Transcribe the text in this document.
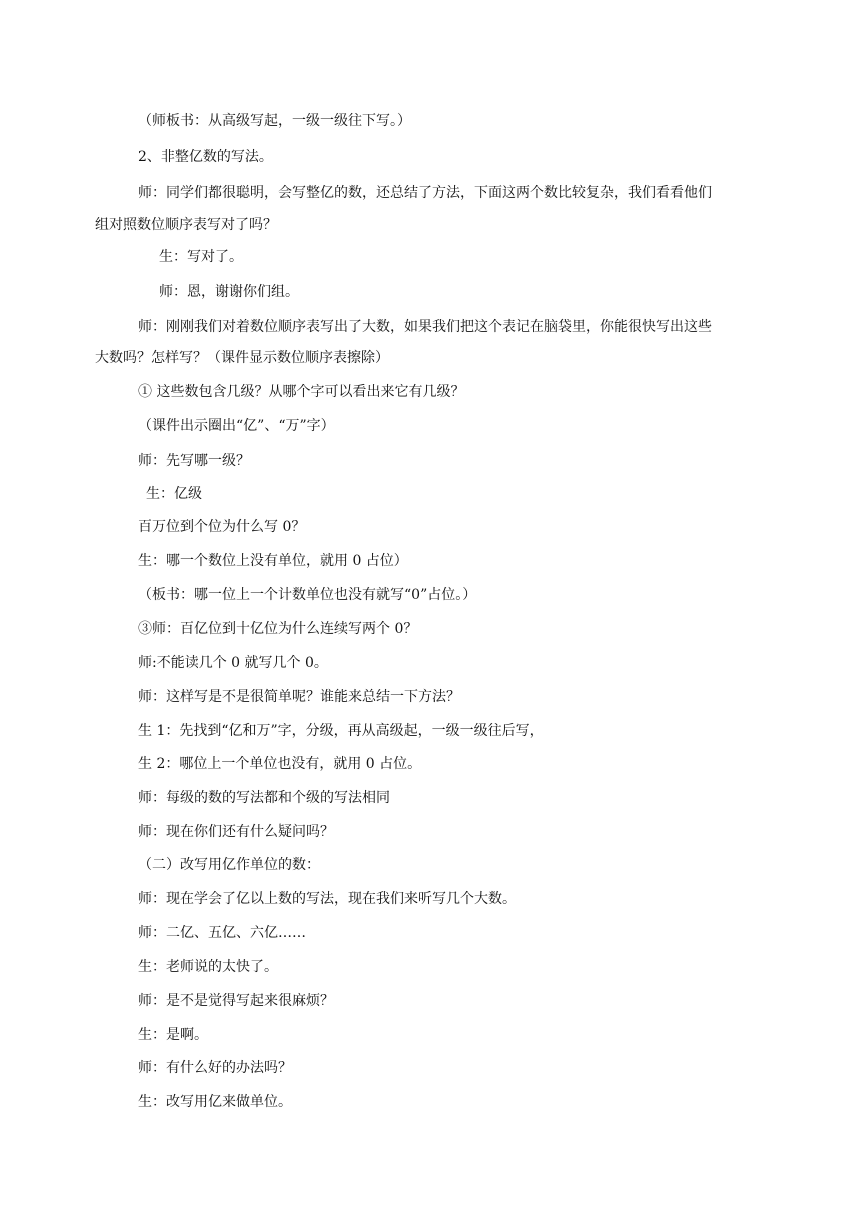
（师板书：从高级写起，一级一级往下写。）
2、非整亿数的写法。
师：同学们都很聪明，会写整亿的数，还总结了方法，下面这两个数比较复杂，我们看看他们
组对照数位顺序表写对了吗？
生：写对了。
师：恩，谢谢你们组。
师：刚刚我们对着数位顺序表写出了大数，如果我们把这个表记在脑袋里，你能很快写出这些
大数吗？怎样写？（课件显示数位顺序表擦除）
① 这些数包含几级？从哪个字可以看出来它有几级？
（课件出示圈出“亿”、“万”字）
师：先写哪一级？
生：亿级
百万位到个位为什么写 0？
生：哪一个数位上没有单位，就用 0 占位）
（板书：哪一位上一个计数单位也没有就写“0”占位。）
③师：百亿位到十亿位为什么连续写两个 0？
师:不能读几个 0 就写几个 0。
师：这样写是不是很简单呢？谁能来总结一下方法？
生 1：先找到“亿和万”字，分级，再从高级起，一级一级往后写，
生 2：哪位上一个单位也没有，就用 0 占位。
师：每级的数的写法都和个级的写法相同
师：现在你们还有什么疑问吗？
（二）改写用亿作单位的数：
师：现在学会了亿以上数的写法，现在我们来听写几个大数。
师：二亿、五亿、六亿……
生：老师说的太快了。
师：是不是觉得写起来很麻烦？
生：是啊。
师：有什么好的办法吗？
生：改写用亿来做单位。
